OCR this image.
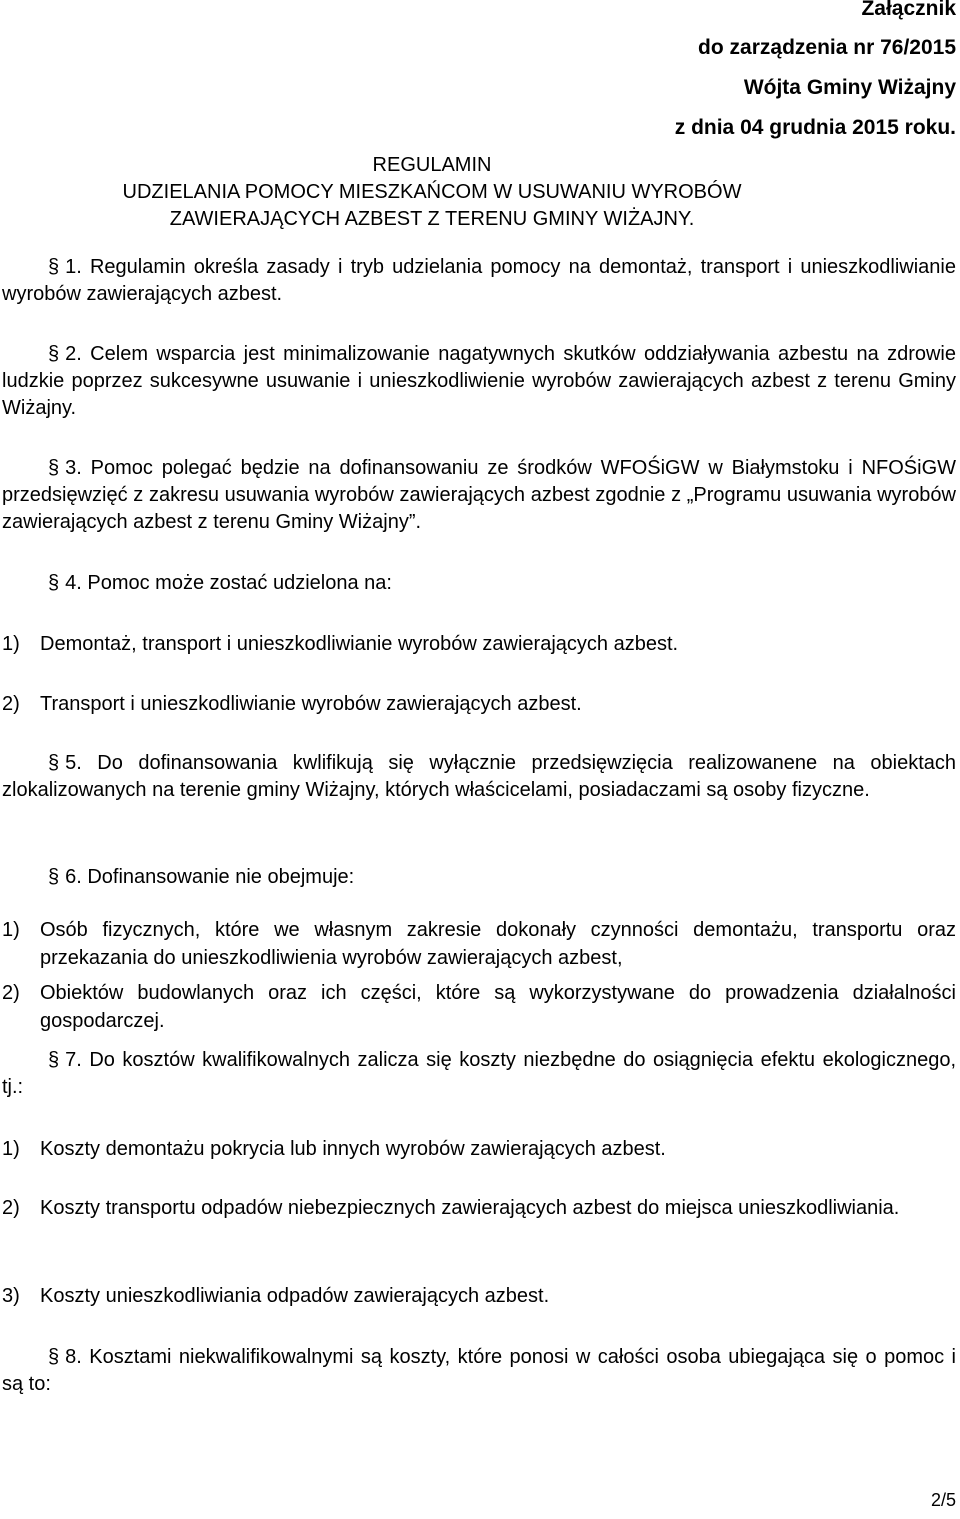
Załącznik
do zarządzenia nr 76/2015
Wójta Gminy Wiżajny
z dnia 04 grudnia 2015 roku.
REGULAMIN
UDZIELANIA POMOCY MIESZKAŃCOM W USUWANIU WYROBÓW
ZAWIERAJĄCYCH AZBEST Z TERENU GMINY WIŻAJNY.
§ 1. Regulamin określa zasady i tryb udzielania pomocy na demontaż, transport i unieszkodliwianie wyrobów zawierających azbest.
§ 2. Celem wsparcia jest minimalizowanie nagatywnych skutków oddziaływania azbestu na zdrowie ludzkie poprzez sukcesywne usuwanie i unieszkodliwienie wyrobów zawierających azbest z terenu Gminy Wiżajny.
§ 3. Pomoc polegać będzie na dofinansowaniu ze środków WFOŚiGW w Białymstoku i NFOŚiGW przedsięwzięć z zakresu usuwania wyrobów zawierających azbest zgodnie z „Programu usuwania wyrobów zawierających azbest z terenu Gminy Wiżajny”.
§ 4. Pomoc może zostać udzielona na:
1) Demontaż, transport i unieszkodliwianie wyrobów zawierających azbest.
2) Transport i unieszkodliwianie wyrobów zawierających azbest.
§ 5. Do dofinansowania kwlifikują się wyłącznie przedsięwzięcia realizowanene na obiektach zlokalizowanych na terenie gminy Wiżajny, których właścicelami, posiadaczami są osoby fizyczne.
§ 6. Dofinansowanie nie obejmuje:
1) Osób fizycznych, które we własnym zakresie dokonały czynności demontażu, transportu oraz przekazania do unieszkodliwienia wyrobów zawierających azbest,
2) Obiektów budowlanych oraz ich części, które są wykorzystywane do prowadzenia działalności gospodarczej.
§ 7. Do kosztów kwalifikowalnych zalicza się koszty niezbędne do osiągnięcia efektu ekologicznego, tj.:
1) Koszty demontażu pokrycia lub innych wyrobów zawierających azbest.
2) Koszty transportu odpadów niebezpiecznych zawierających azbest do miejsca unieszkodliwiania.
3) Koszty unieszkodliwiania odpadów zawierających azbest.
§ 8. Kosztami niekwalifikowalnymi są koszty, które ponosi w całości osoba ubiegająca się o pomoc i są to:
2/5
